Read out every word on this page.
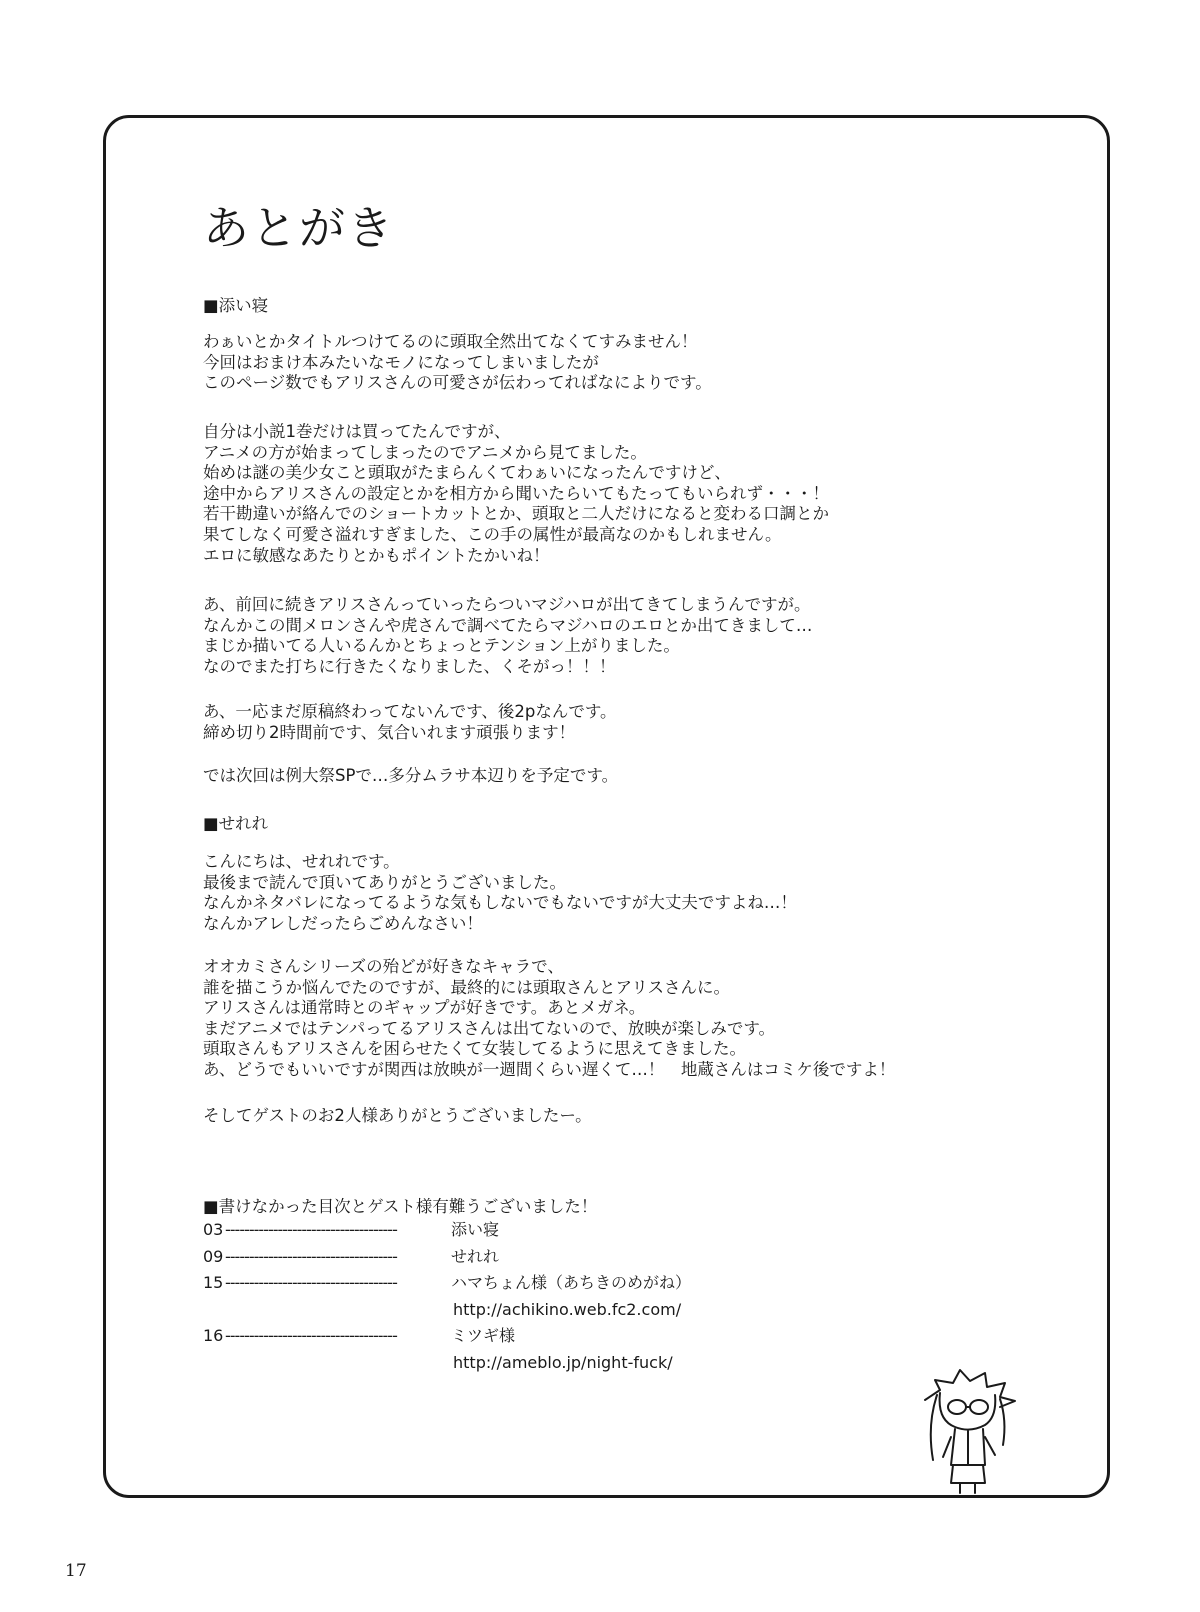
あとがき
■添い寝

わぁいとかタイトルつけてるのに頭取全然出てなくてすみません！

今回はおまけ本みたいなモノになってしまいましたが

このページ数でもアリスさんの可愛さが伝わってればなによりです。

自分は小説1巻だけは買ってたんですが、

アニメの方が始まってしまったのでアニメから見てました。

始めは謎の美少女こと頭取がたまらんくてわぁいになったんですけど、

途中からアリスさんの設定とかを相方から聞いたらいてもたってもいられず・・・！

若干勘違いが絡んでのショートカットとか、頭取と二人だけになると変わる口調とか

果てしなく可愛さ溢れすぎました、この手の属性が最高なのかもしれません。

エロに敏感なあたりとかもポイントたかいね！

あ、前回に続きアリスさんっていったらついマジハロが出てきてしまうんですが。

なんかこの間メロンさんや虎さんで調べてたらマジハロのエロとか出てきまして…

まじか描いてる人いるんかとちょっとテンション上がりました。

なのでまた打ちに行きたくなりました、くそがっ！！！

あ、一応まだ原稿終わってないんです、後2pなんです。

締め切り2時間前です、気合いれます頑張ります！

では次回は例大祭SPで…多分ムラサ本辺りを予定です。

■せれれ

こんにちは、せれれです。

最後まで読んで頂いてありがとうございました。

なんかネタバレになってるような気もしないでもないですが大丈夫ですよね…！

なんかアレしだったらごめんなさい！

オオカミさんシリーズの殆どが好きなキャラで、

誰を描こうか悩んでたのですが、最終的には頭取さんとアリスさんに。

アリスさんは通常時とのギャップが好きです。あとメガネ。

まだアニメではテンパってるアリスさんは出てないので、放映が楽しみです。

頭取さんもアリスさんを困らせたくて女装してるように思えてきました。

あ、どうでもいいですが関西は放映が一週間くらい遅くて…！　地蔵さんはコミケ後ですよ！

そしてゲストのお2人様ありがとうございましたー。

■書けなかった目次とゲスト様有難うございました！
03 ------------------------------------	添い寝
09 ------------------------------------	せれれ
15 ------------------------------------	ハマちょん様（あちきのめがね）
http://achikino.web.fc2.com/
16 ------------------------------------	ミツギ様
http://ameblo.jp/night-fuck/
17
